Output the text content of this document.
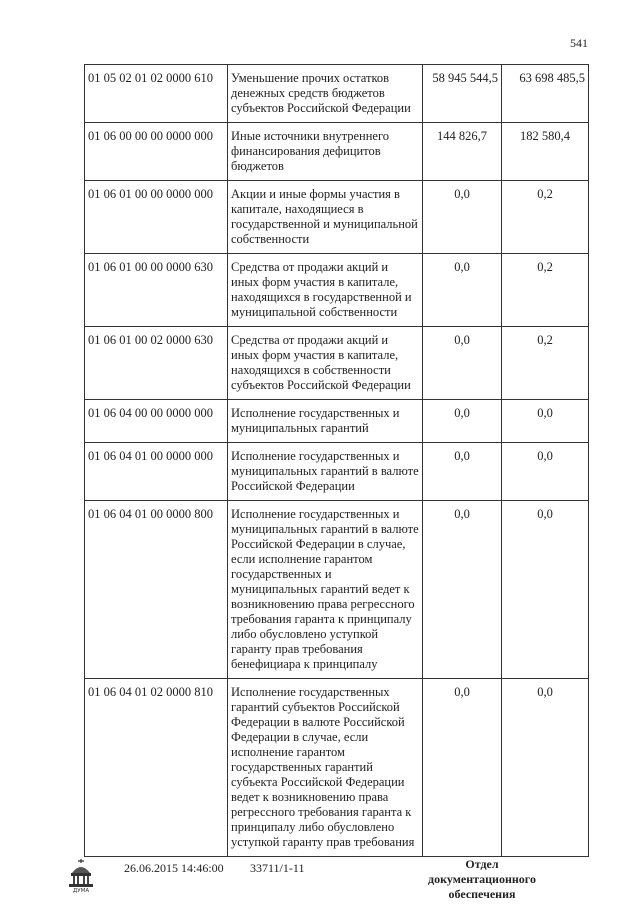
541
01 05 02 01 02 0000 610	Уменьшение прочих остатков денежных средств бюджетов субъектов Российской Федерации	58 945 544,5	63 698 485,5
01 06 00 00 00 0000 000	Иные источники внутреннего финансирования дефицитов бюджетов	144 826,7	182 580,4
01 06 01 00 00 0000 000	Акции и иные формы участия в капитале, находящиеся в государственной и муниципальной собственности	0,0	0,2
01 06 01 00 00 0000 630	Средства от продажи акций и иных форм участия в капитале, находящихся в государственной и муниципальной собственности	0,0	0,2
01 06 01 00 02 0000 630	Средства от продажи акций и иных форм участия в капитале, находящихся в собственности субъектов Российской Федерации	0,0	0,2
01 06 04 00 00 0000 000	Исполнение государственных и муниципальных гарантий	0,0	0,0
01 06 04 01 00 0000 000	Исполнение государственных и муниципальных гарантий в валюте Российской Федерации	0,0	0,0
01 06 04 01 00 0000 800	Исполнение государственных и муниципальных гарантий в валюте Российской Федерации в случае, если исполнение гарантом государственных и муниципальных гарантий ведет к возникновению права регрессного требования гаранта к принципалу либо обусловлено уступкой гаранту прав требования бенефициара к принципалу	0,0	0,0
01 06 04 01 02 0000 810	Исполнение государственных гарантий субъектов Российской Федерации в валюте Российской Федерации в случае, если исполнение гарантом государственных гарантий субъекта Российской Федерации ведет к возникновению права регрессного требования гаранта к принципалу либо обусловлено уступкой гаранту прав требования	0,0	0,0
ДУМА
26.06.2015 14:46:00 33711/1-11	Отдел документационного обеспечения
